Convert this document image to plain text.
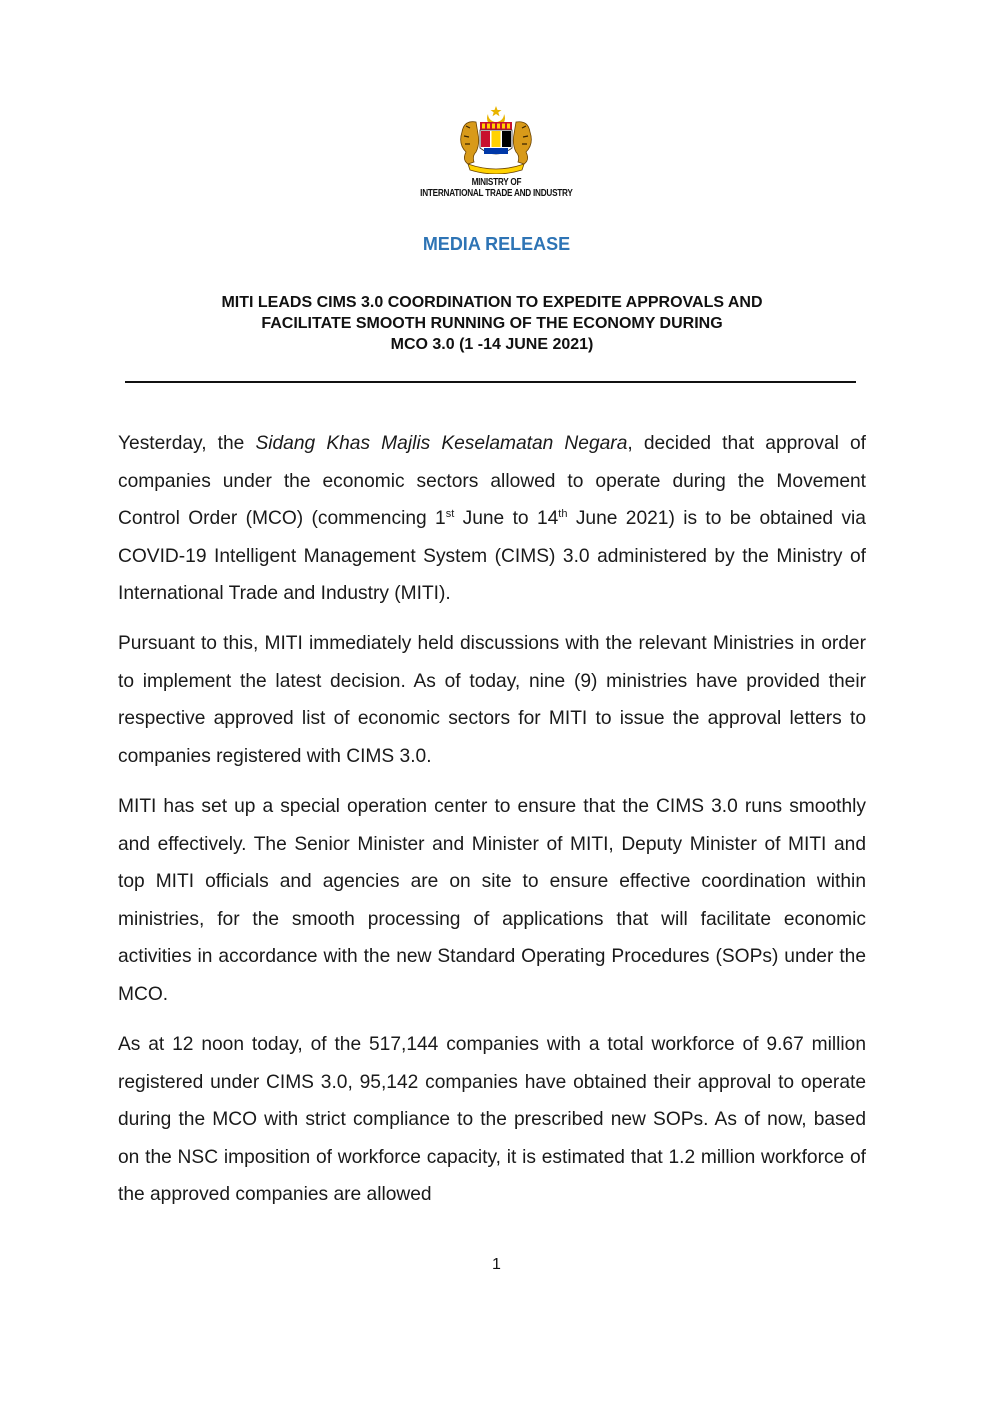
MINISTRY OF
INTERNATIONAL TRADE AND INDUSTRY
MEDIA RELEASE
MITI LEADS CIMS 3.0 COORDINATION TO EXPEDITE APPROVALS AND
FACILITATE SMOOTH RUNNING OF THE ECONOMY DURING
MCO 3.0 (1 -14 JUNE 2021)

Yesterday, the Sidang Khas Majlis Keselamatan Negara, decided that approval of companies under the economic sectors allowed to operate during the Movement Control Order (MCO) (commencing 1st June to 14th June 2021) is to be obtained via COVID-19 Intelligent Management System (CIMS) 3.0 administered by the Ministry of International Trade and Industry (MITI).

Pursuant to this, MITI immediately held discussions with the relevant Ministries in order to implement the latest decision. As of today, nine (9) ministries have provided their respective approved list of economic sectors for MITI to issue the approval letters to companies registered with CIMS 3.0.

MITI has set up a special operation center to ensure that the CIMS 3.0 runs smoothly and effectively. The Senior Minister and Minister of MITI, Deputy Minister of MITI and top MITI officials and agencies are on site to ensure effective coordination within ministries, for the smooth processing of applications that will facilitate economic activities in accordance with the new Standard Operating Procedures (SOPs) under the MCO.

As at 12 noon today, of the 517,144 companies with a total workforce of 9.67 million registered under CIMS 3.0, 95,142 companies have obtained their approval to operate during the MCO with strict compliance to the prescribed new SOPs. As of now, based on the NSC imposition of workforce capacity, it is estimated that 1.2 million workforce of the approved companies are allowed

1
